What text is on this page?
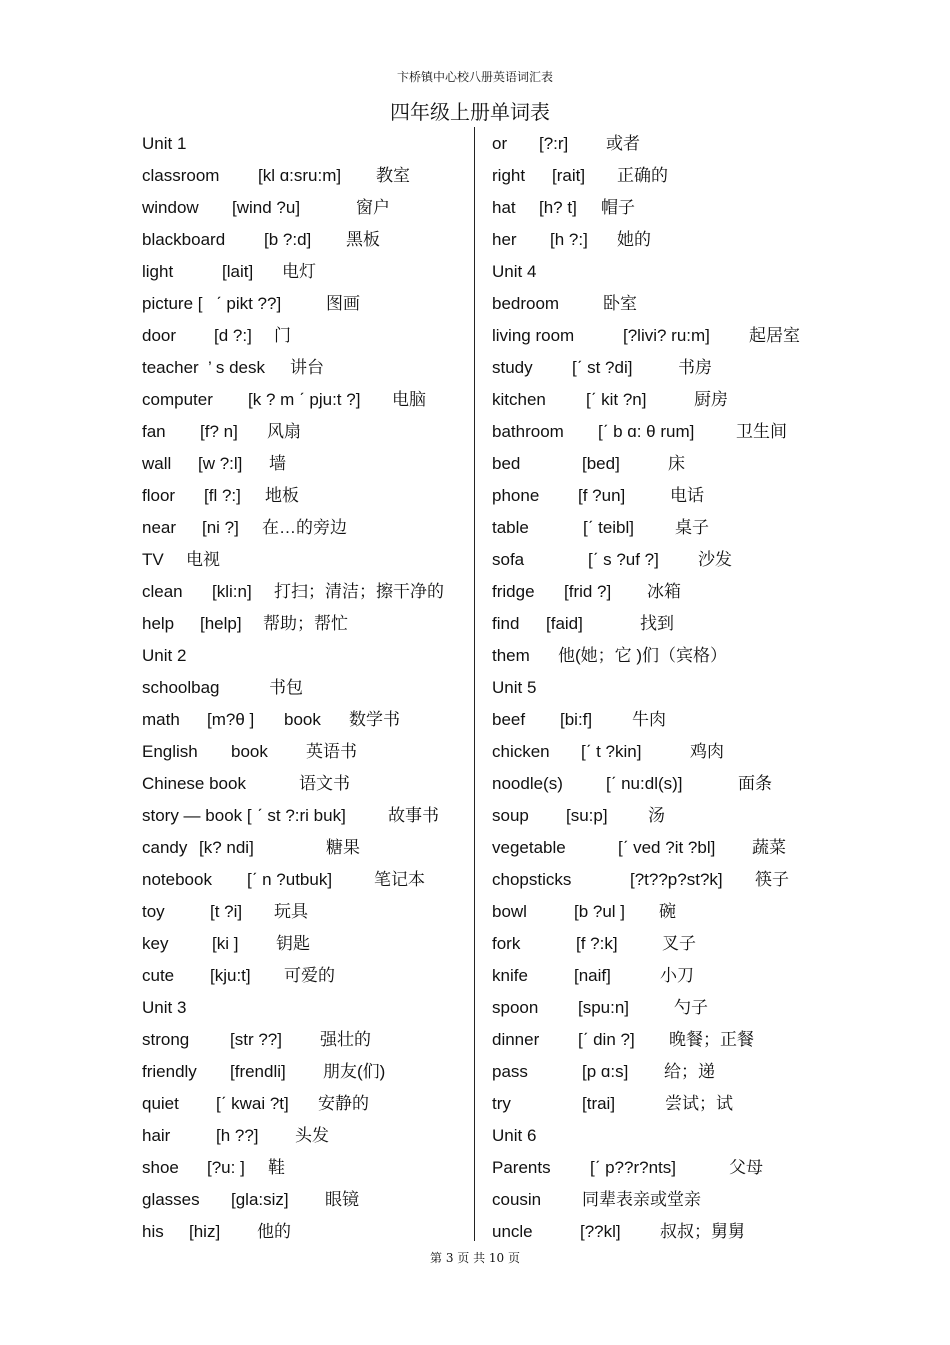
卞桥镇中心校八册英语词汇表
四年级上册单词表
Unit 1
classroom [kl ɑ:sru:m] 教室
window [wind ?u]	窗户
blackboard [b ?:d] 黑板
light	[lait] 电灯
picture [ ˊ pikt ??]	图画
door [d ?:] 门
teacher ’ s desk 讲台
computer [k ? m ˊ pju:t ?] 电脑
fan [f? n] 风扇
wall [w ?:l] 墙
floor [fl ?:] 地板
near [ni ?] 在…的旁边
TV 电视
clean [kli:n] 打扫；清洁；擦干净的
help [help] 帮助；帮忙
Unit 2
schoolbag	书包
math [m?θ ] book 数学书
English book 英语书
Chinese book	语文书
story — book [ ˊ st ?:ri buk] 故事书
candy [k? ndi]	糖果
notebook [ˊ n ?utbuk] 笔记本
toy	[t ?i] 玩具
key	[ki ] 钥匙
cute [kju:t] 可爱的
Unit 3
strong [str ??] 强壮的
friendly [frendli] 朋友(们)
quiet [ˊ kwai ?t] 安静的
hair	[h ??] 头发
shoe [?u: ] 鞋
glasses [gla:siz] 眼镜
his [hiz] 他的
or [?:r] 或者
right [rait] 正确的
hat [h? t] 帽子
her [h ?:] 她的
Unit 4
bedroom	卧室
living room	[?livi? ru:m] 起居室
study [ˊ st ?di]	书房
kitchen [ˊ kit ?n]	厨房
bathroom [ˊ b ɑ: θ rum] 卫生间
bed	[bed]	床
phone [f ?un]	电话
table	[ˊ teibl] 桌子
sofa	[ˊ s ?uf ?] 沙发
fridge [frid ?] 冰箱
find [faid]	找到
them 他(她；它 )们（宾格）
Unit 5
beef [bi:f] 牛肉
chicken [ˊ t ?kin]	鸡肉
noodle(s)	[ˊ nu:dl(s)]	面条
soup [su:p] 汤
vegetable	[ˊ ved ?it ?bl] 蔬菜
chopsticks	[?t??p?st?k] 筷子
bowl	[b ?ul ] 碗
fork	[f ?:k]	叉子
knife	[naif]	小刀
spoon [spu:n]	勺子
dinner [ˊ din ?] 晚餐；正餐
pass	[p ɑ:s] 给；递
try	[trai]	尝试；试
Unit 6
Parents [ˊ p??r?nts]	父母
cousin 同辈表亲或堂亲
uncle	[??kl] 叔叔；舅舅
第 3 页 共 10 页
